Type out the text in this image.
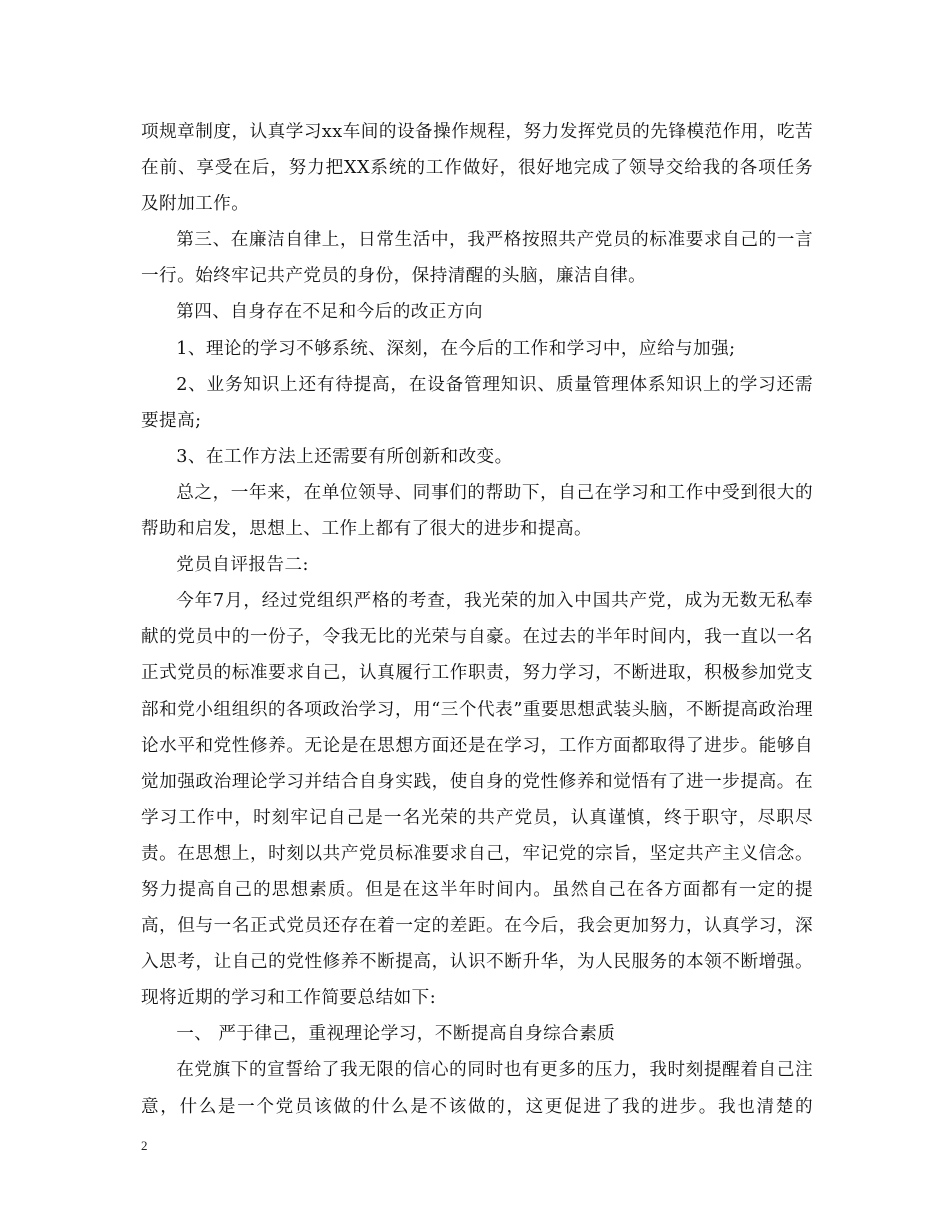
项规章制度，认真学习xx车间的设备操作规程，努力发挥党员的先锋模范作用，吃苦在前、享受在后，努力把XX系统的工作做好，很好地完成了领导交给我的各项任务及附加工作。

第三、在廉洁自律上，日常生活中，我严格按照共产党员的标准要求自己的一言一行。始终牢记共产党员的身份，保持清醒的头脑，廉洁自律。

第四、自身存在不足和今后的改正方向

1、理论的学习不够系统、深刻，在今后的工作和学习中，应给与加强;

2、业务知识上还有待提高，在设备管理知识、质量管理体系知识上的学习还需要提高;

3、在工作方法上还需要有所创新和改变。

总之，一年来，在单位领导、同事们的帮助下，自己在学习和工作中受到很大的帮助和启发，思想上、工作上都有了很大的进步和提高。

党员自评报告二:

今年7月，经过党组织严格的考查，我光荣的加入中国共产党，成为无数无私奉献的党员中的一份子，令我无比的光荣与自豪。在过去的半年时间内，我一直以一名正式党员的标准要求自己，认真履行工作职责，努力学习，不断进取，积极参加党支部和党小组组织的各项政治学习，用“三个代表”重要思想武装头脑，不断提高政治理论水平和党性修养。无论是在思想方面还是在学习，工作方面都取得了进步。能够自觉加强政治理论学习并结合自身实践，使自身的党性修养和觉悟有了进一步提高。在学习工作中，时刻牢记自己是一名光荣的共产党员，认真谨慎，终于职守，尽职尽责。在思想上，时刻以共产党员标准要求自己，牢记党的宗旨，坚定共产主义信念。努力提高自己的思想素质。但是在这半年时间内。虽然自己在各方面都有一定的提高，但与一名正式党员还存在着一定的差距。在今后，我会更加努力，认真学习，深入思考，让自己的党性修养不断提高，认识不断升华，为人民服务的本领不断增强。现将近期的学习和工作简要总结如下:

一、 严于律己，重视理论学习，不断提高自身综合素质

在党旗下的宣誓给了我无限的信心的同时也有更多的压力，我时刻提醒着自己注意，什么是一个党员该做的什么是不该做的，这更促进了我的进步。我也清楚的

2
